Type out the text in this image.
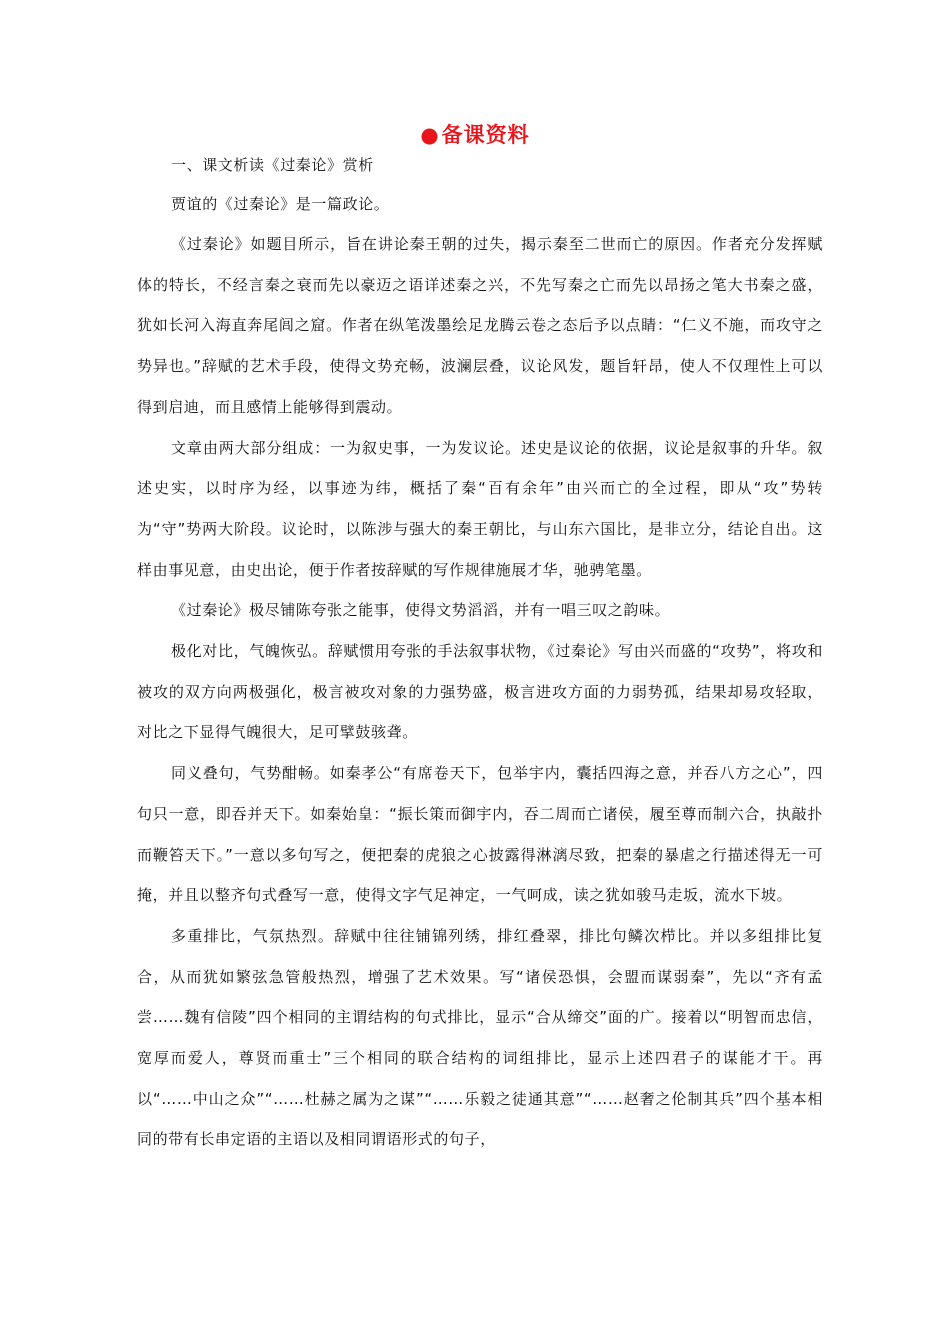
●备课资料

一、课文析读《过秦论》赏析

贾谊的《过秦论》是一篇政论。

《过秦论》如题目所示，旨在讲论秦王朝的过失，揭示秦至二世而亡的原因。作者充分发挥赋体的特长，不经言秦之衰而先以豪迈之语详述秦之兴，不先写秦之亡而先以昂扬之笔大书秦之盛，犹如长河入海直奔尾闾之窟。作者在纵笔泼墨绘足龙腾云卷之态后予以点睛：“仁义不施，而攻守之势异也。”辞赋的艺术手段，使得文势充畅，波澜层叠，议论风发，题旨轩昂，使人不仅理性上可以得到启迪，而且感情上能够得到震动。

文章由两大部分组成：一为叙史事，一为发议论。述史是议论的依据，议论是叙事的升华。叙述史实，以时序为经，以事迹为纬，概括了秦“百有余年”由兴而亡的全过程，即从“攻”势转为“守”势两大阶段。议论时，以陈涉与强大的秦王朝比，与山东六国比，是非立分，结论自出。这样由事见意，由史出论，便于作者按辞赋的写作规律施展才华，驰骋笔墨。

《过秦论》极尽铺陈夸张之能事，使得文势滔滔，并有一唱三叹之韵味。

极化对比，气魄恢弘。辞赋惯用夸张的手法叙事状物，《过秦论》写由兴而盛的“攻势”，将攻和被攻的双方向两极强化，极言被攻对象的力强势盛，极言进攻方面的力弱势孤，结果却易攻轻取，对比之下显得气魄很大，足可擘鼓骇聋。

同义叠句，气势酣畅。如秦孝公“有席卷天下，包举宇内，囊括四海之意，并吞八方之心”，四句只一意，即吞并天下。如秦始皇：“振长策而御宇内，吞二周而亡诸侯，履至尊而制六合，执敲扑而鞭笞天下。”一意以多句写之，便把秦的虎狼之心披露得淋漓尽致，把秦的暴虐之行描述得无一可掩，并且以整齐句式叠写一意，使得文字气足神定，一气呵成，读之犹如骏马走坂，流水下坡。

多重排比，气氛热烈。辞赋中往往铺锦列绣，排红叠翠，排比句鳞次栉比。并以多组排比复合，从而犹如繁弦急管般热烈，增强了艺术效果。写“诸侯恐惧，会盟而谋弱秦”，先以“齐有孟尝……魏有信陵”四个相同的主谓结构的句式排比，显示“合从缔交”面的广。接着以“明智而忠信，宽厚而爱人，尊贤而重士”三个相同的联合结构的词组排比，显示上述四君子的谋能才干。再以“……中山之众”“……杜赫之属为之谋”“……乐毅之徒通其意”“……赵奢之伦制其兵”四个基本相同的带有长串定语的主语以及相同谓语形式的句子，
